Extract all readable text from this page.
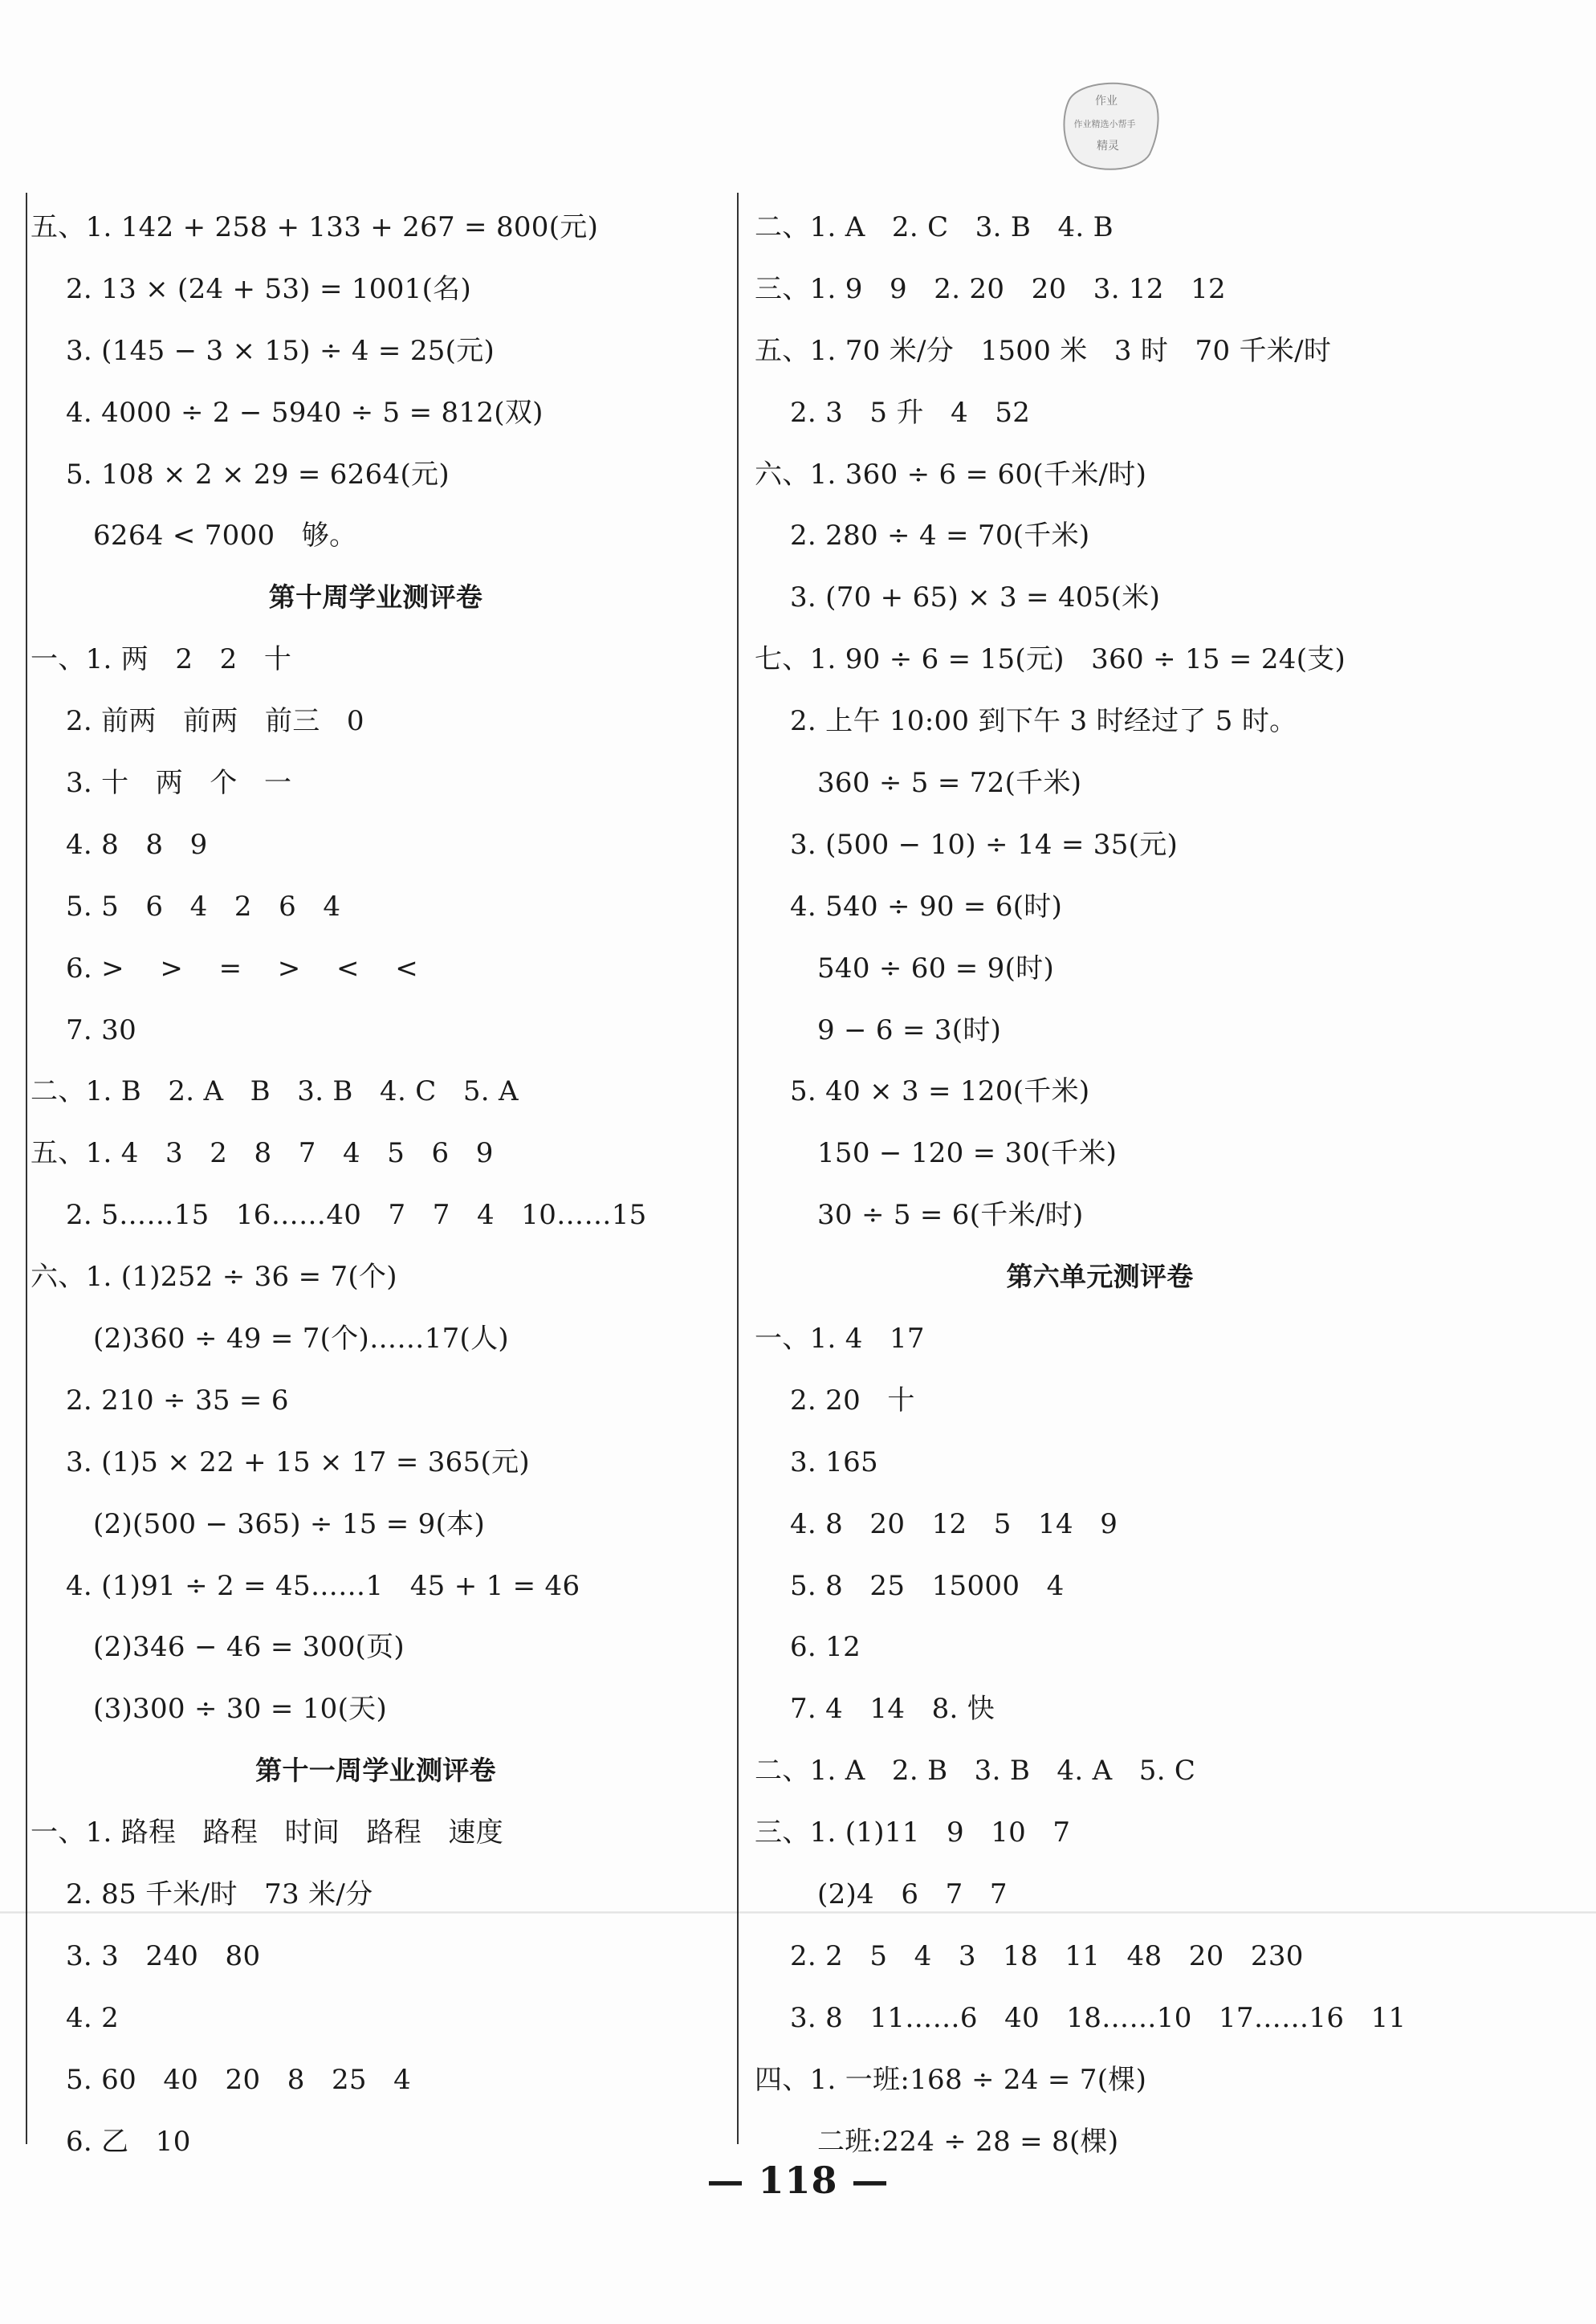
作业
作业精选小帮手
精灵
五、1. 142 + 258 + 133 + 267 = 800(元)
2. 13 × (24 + 53) = 1001(名)
3. (145 − 3 × 15) ÷ 4 = 25(元)
4. 4000 ÷ 2 − 5940 ÷ 5 = 812(双)
5. 108 × 2 × 29 = 6264(元)
6264 < 7000   够。
第十周学业测评卷
一、1. 两   2   2   十
2. 前两   前两   前三   0
3. 十   两   个   一
4. 8   8   9
5. 5   6   4   2   6   4
6. >    >    =    >    <    <
7. 30
二、1. B   2. A   B   3. B   4. C   5. A
五、1. 4   3   2   8   7   4   5   6   9
2. 5……15   16……40   7   7   4   10……15
六、1. (1)252 ÷ 36 = 7(个)
(2)360 ÷ 49 = 7(个)……17(人)
2. 210 ÷ 35 = 6
3. (1)5 × 22 + 15 × 17 = 365(元)
(2)(500 − 365) ÷ 15 = 9(本)
4. (1)91 ÷ 2 = 45……1   45 + 1 = 46
(2)346 − 46 = 300(页)
(3)300 ÷ 30 = 10(天)
第十一周学业测评卷
一、1. 路程   路程   时间   路程   速度
2. 85 千米/时   73 米/分
3. 3   240   80
4. 2
5. 60   40   20   8   25   4
6. 乙   10
二、1. A   2. C   3. B   4. B
三、1. 9   9   2. 20   20   3. 12   12
五、1. 70 米/分   1500 米   3 时   70 千米/时
2. 3   5 升   4   52
六、1. 360 ÷ 6 = 60(千米/时)
2. 280 ÷ 4 = 70(千米)
3. (70 + 65) × 3 = 405(米)
七、1. 90 ÷ 6 = 15(元)   360 ÷ 15 = 24(支)
2. 上午 10:00 到下午 3 时经过了 5 时。
360 ÷ 5 = 72(千米)
3. (500 − 10) ÷ 14 = 35(元)
4. 540 ÷ 90 = 6(时)
540 ÷ 60 = 9(时)
9 − 6 = 3(时)
5. 40 × 3 = 120(千米)
150 − 120 = 30(千米)
30 ÷ 5 = 6(千米/时)
第六单元测评卷
一、1. 4   17
2. 20   十
3. 165
4. 8   20   12   5   14   9
5. 8   25   15000   4
6. 12
7. 4   14   8. 快
二、1. A   2. B   3. B   4. A   5. C
三、1. (1)11   9   10   7
(2)4   6   7   7
2. 2   5   4   3   18   11   48   20   230
3. 8   11……6   40   18……10   17……16   11
四、1. 一班:168 ÷ 24 = 7(棵)
二班:224 ÷ 28 = 8(棵)
— 118 —
